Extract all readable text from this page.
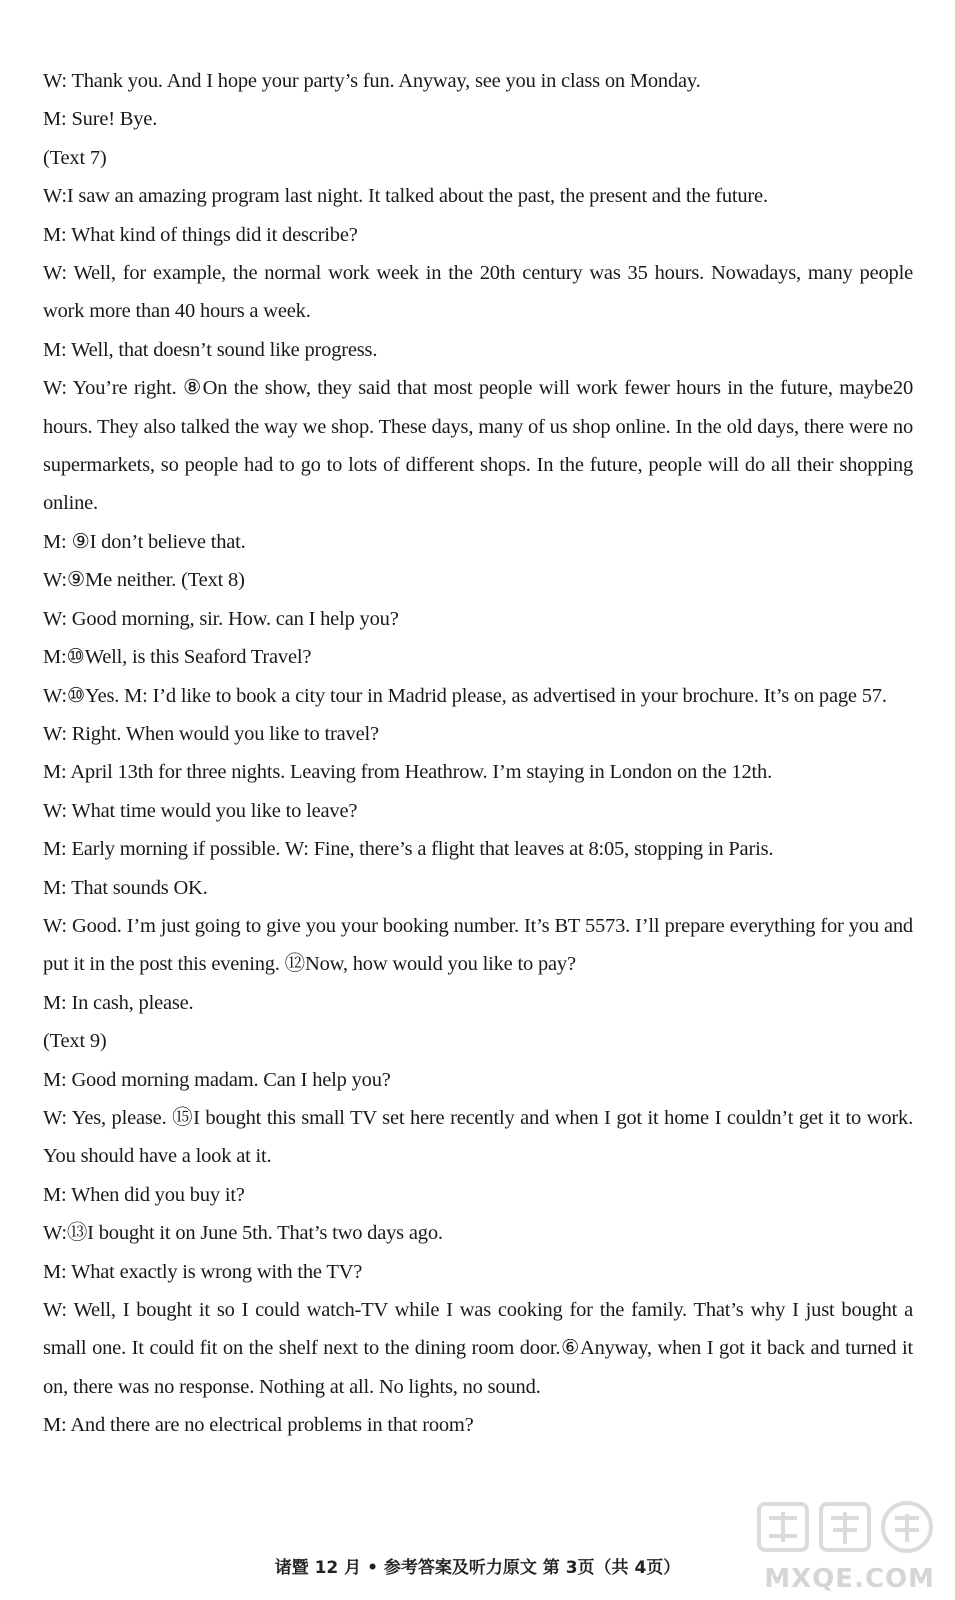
W: Thank you. And I hope your party’s fun. Anyway, see you in class on Monday.

M: Sure! Bye.

(Text 7)

W:I saw an amazing program last night. It talked about the past, the present and the future.

M: What kind of things did it describe?

W: Well, for example, the normal work week in the 20th century was 35 hours. Nowadays, many people work more than 40 hours a week.

M: Well, that doesn’t sound like progress.

W: You’re right. ⑧On the show, they said that most people will work fewer hours in the future, maybe20 hours. They also talked the way we shop. These days, many of us shop online. In the old days, there were no supermarkets, so people had to go to lots of different shops. In the future, people will do all their shopping online.

M: ⑨I don’t believe that.

W:⑨Me neither. (Text 8)

W: Good morning, sir. How. can I help you?

M:⑩Well, is this Seaford Travel?

W:⑩Yes. M: I’d like to book a city tour in Madrid please, as advertised in your brochure. It’s on page 57.

W: Right. When would you like to travel?

M: April 13th for three nights. Leaving from Heathrow. I’m staying in London on the 12th.

W: What time would you like to leave?

M: Early morning if possible. W: Fine, there’s a flight that leaves at 8:05, stopping in Paris.

M: That sounds OK.

W: Good. I’m just going to give you your booking number. It’s BT 5573. I’ll prepare everything for you and put it in the post this evening. ⑫Now, how would you like to pay?

M: In cash, please.

(Text 9)

M: Good morning madam. Can I help you?

W: Yes, please. ⑮I bought this small TV set here recently and when I got it home I couldn’t get it to work. You should have a look at it.

M: When did you buy it?

W:⑬I bought it on June 5th. That’s two days ago.

M: What exactly is wrong with the TV?

W: Well, I bought it so I could watch-TV while I was cooking for the family. That’s why I just bought a small one. It could fit on the shelf next to the dining room door.⑥Anyway, when I got it back and turned it on, there was no response. Nothing at all. No lights, no sound.

M: And there are no electrical problems in that room?

诸暨 12 月 • 参考答案及听力原文 第 3页（共 4页）	MXQE.COM
